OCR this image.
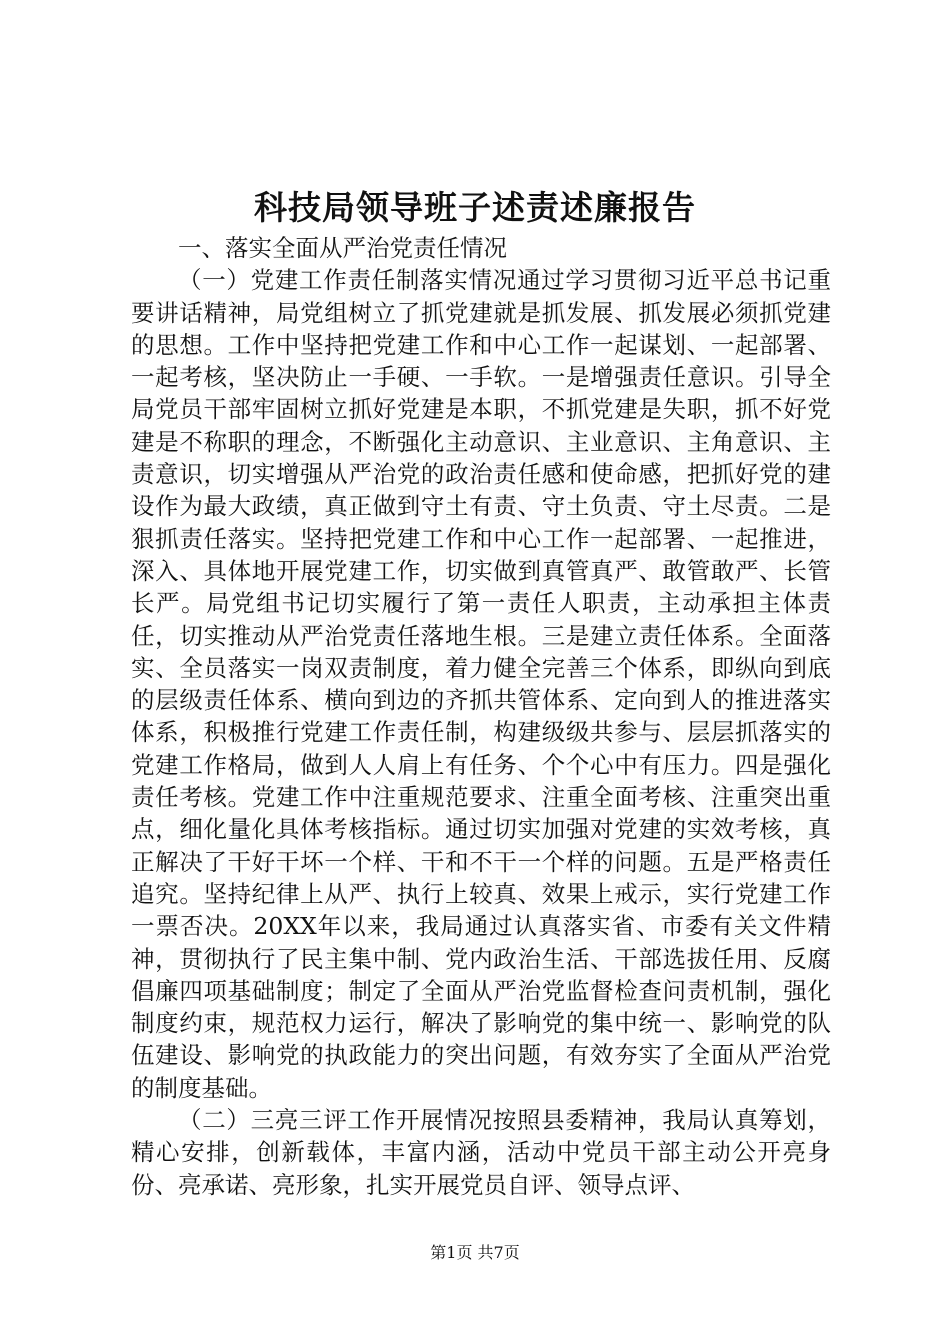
科技局领导班子述责述廉报告
一、落实全面从严治党责任情况

（一）党建工作责任制落实情况通过学习贯彻习近平总书记重要讲话精神，局党组树立了抓党建就是抓发展、抓发展必须抓党建的思想。工作中坚持把党建工作和中心工作一起谋划、一起部署、一起考核，坚决防止一手硬、一手软。一是增强责任意识。引导全局党员干部牢固树立抓好党建是本职，不抓党建是失职，抓不好党建是不称职的理念，不断强化主动意识、主业意识、主角意识、主责意识，切实增强从严治党的政治责任感和使命感，把抓好党的建设作为最大政绩，真正做到守土有责、守土负责、守土尽责。二是狠抓责任落实。坚持把党建工作和中心工作一起部署、一起推进，深入、具体地开展党建工作，切实做到真管真严、敢管敢严、长管长严。局党组书记切实履行了第一责任人职责，主动承担主体责任，切实推动从严治党责任落地生根。三是建立责任体系。全面落实、全员落实一岗双责制度，着力健全完善三个体系，即纵向到底的层级责任体系、横向到边的齐抓共管体系、定向到人的推进落实体系，积极推行党建工作责任制，构建级级共参与、层层抓落实的党建工作格局，做到人人肩上有任务、个个心中有压力。四是强化责任考核。党建工作中注重规范要求、注重全面考核、注重突出重点，细化量化具体考核指标。通过切实加强对党建的实效考核，真正解决了干好干坏一个样、干和不干一个样的问题。五是严格责任追究。坚持纪律上从严、执行上较真、效果上戒示，实行党建工作一票否决。20XX年以来，我局通过认真落实省、市委有关文件精神，贯彻执行了民主集中制、党内政治生活、干部选拔任用、反腐倡廉四项基础制度；制定了全面从严治党监督检查问责机制，强化制度约束，规范权力运行，解决了影响党的集中统一、影响党的队伍建设、影响党的执政能力的突出问题，有效夯实了全面从严治党的制度基础。

（二）三亮三评工作开展情况按照县委精神，我局认真筹划，精心安排，创新载体，丰富内涵，活动中党员干部主动公开亮身份、亮承诺、亮形象，扎实开展党员自评、领导点评、

第1页 共7页
